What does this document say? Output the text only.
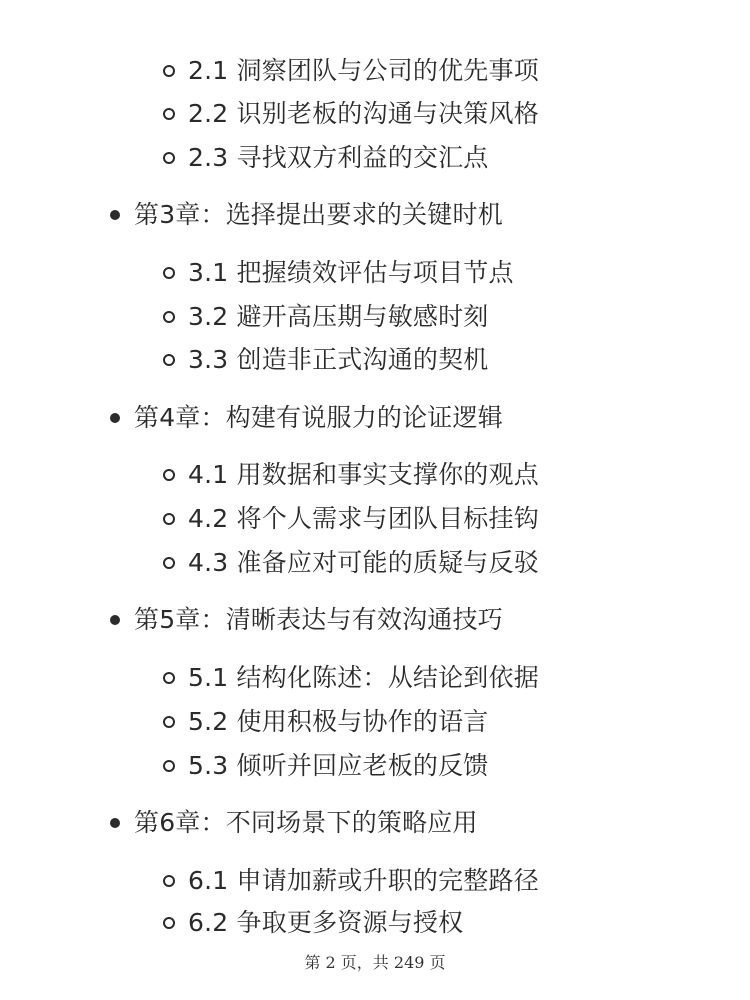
2.1 洞察团队与公司的优先事项
2.2 识别老板的沟通与决策风格
2.3 寻找双方利益的交汇点
第3章：选择提出要求的关键时机
3.1 把握绩效评估与项目节点
3.2 避开高压期与敏感时刻
3.3 创造非正式沟通的契机
第4章：构建有说服力的论证逻辑
4.1 用数据和事实支撑你的观点
4.2 将个人需求与团队目标挂钩
4.3 准备应对可能的质疑与反驳
第5章：清晰表达与有效沟通技巧
5.1 结构化陈述：从结论到依据
5.2 使用积极与协作的语言
5.3 倾听并回应老板的反馈
第6章：不同场景下的策略应用
6.1 申请加薪或升职的完整路径
6.2 争取更多资源与授权
第 2 页，共 249 页
